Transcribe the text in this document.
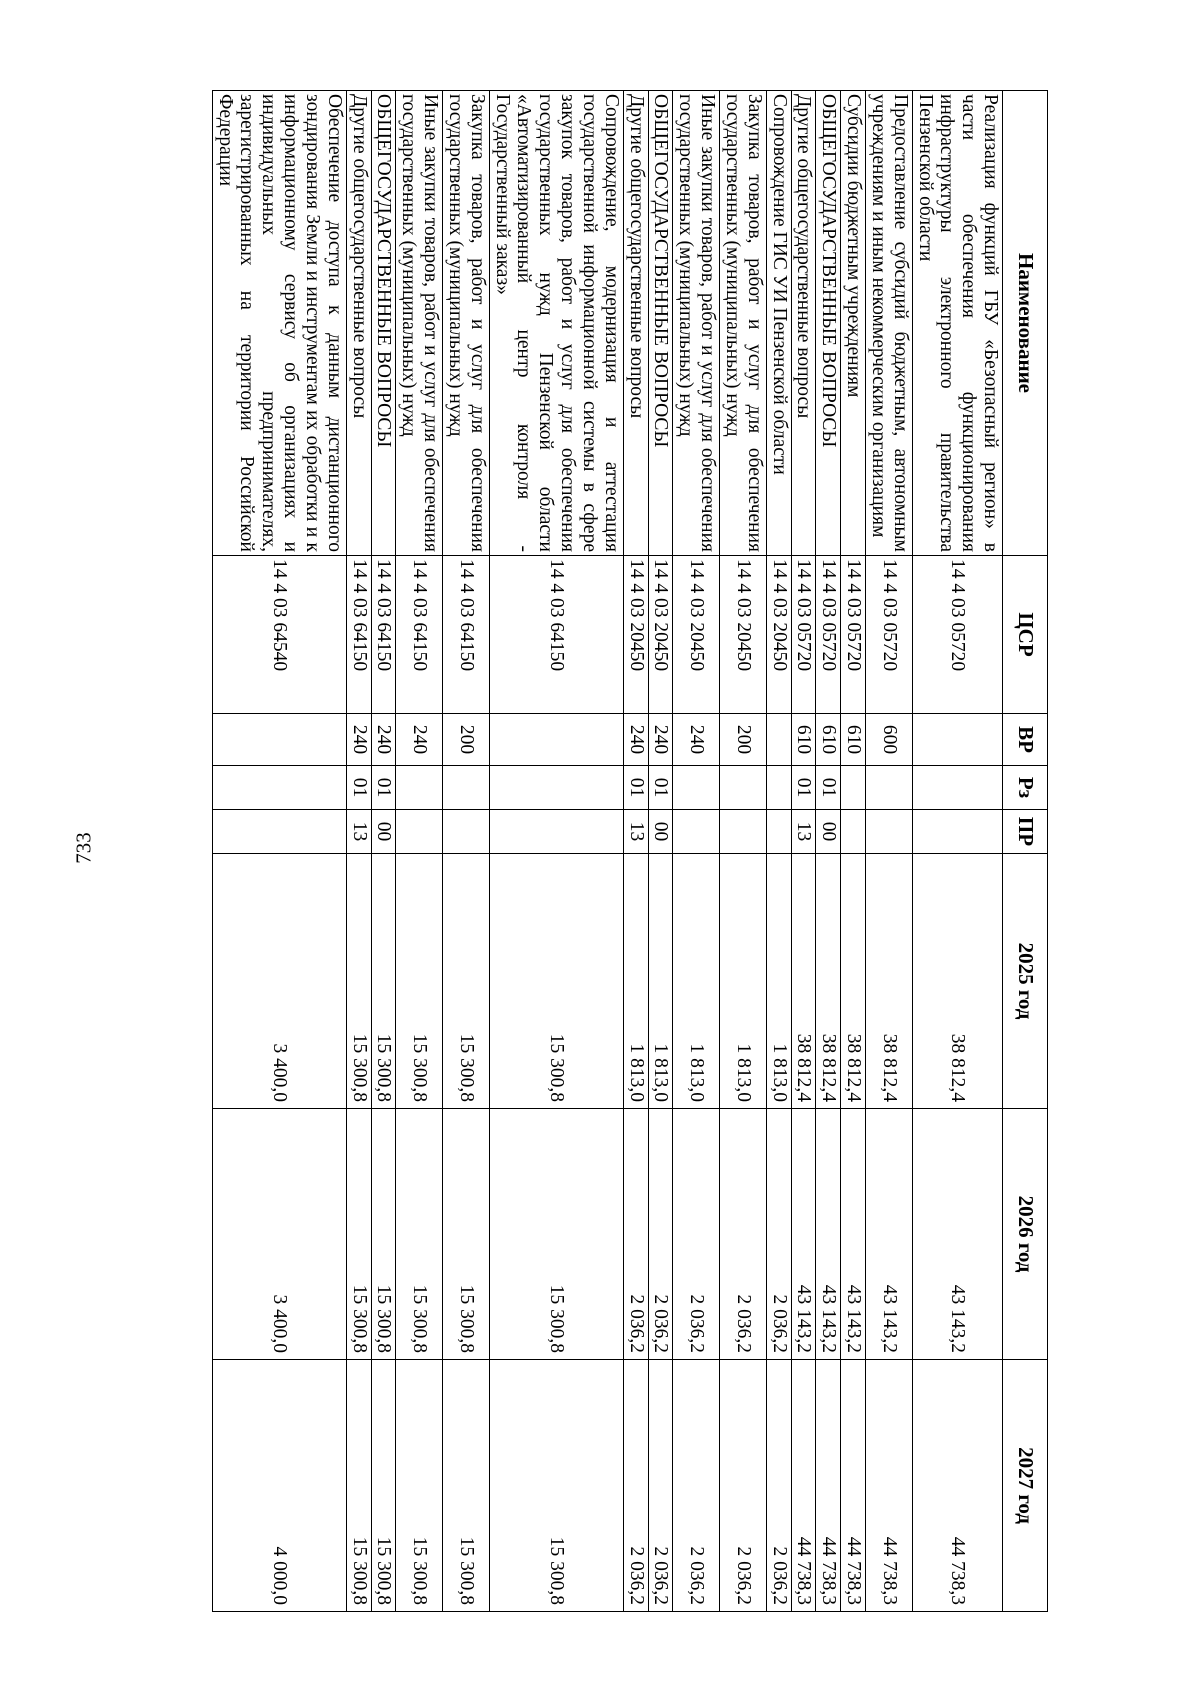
733
Наименование	ЦСР	ВР	Рз	ПР	2025 год	2026 год	2027 год
Реализация функций ГБУ «Безопасный регион» в части обеспечения функционирования инфраструктуры электронного правительства Пензенской области	14 4 03 05720				38 812,4	43 143,2	44 738,3
Предоставление субсидий бюджетным, автономным учреждениям и иным некоммерческим организациям	14 4 03 05720	600			38 812,4	43 143,2	44 738,3
Субсидии бюджетным учреждениям	14 4 03 05720	610			38 812,4	43 143,2	44 738,3
ОБЩЕГОСУДАРСТВЕННЫЕ ВОПРОСЫ	14 4 03 05720	610	01	00	38 812,4	43 143,2	44 738,3
Другие общегосударственные вопросы	14 4 03 05720	610	01	13	38 812,4	43 143,2	44 738,3
Сопровождение ГИС УИ Пензенской области	14 4 03 20450				1 813,0	2 036,2	2 036,2
Закупка товаров, работ и услуг для обеспечения государственных (муниципальных) нужд	14 4 03 20450	200			1 813,0	2 036,2	2 036,2
Иные закупки товаров, работ и услуг для обеспечения государственных (муниципальных) нужд	14 4 03 20450	240			1 813,0	2 036,2	2 036,2
ОБЩЕГОСУДАРСТВЕННЫЕ ВОПРОСЫ	14 4 03 20450	240	01	00	1 813,0	2 036,2	2 036,2
Другие общегосударственные вопросы	14 4 03 20450	240	01	13	1 813,0	2 036,2	2 036,2
Сопровождение, модернизация и аттестация государственной информационной системы в сфере закупок товаров, работ и услуг для обеспечения государственных нужд Пензенской области «Автоматизированный центр контроля - Государственный заказ»	14 4 03 64150				15 300,8	15 300,8	15 300,8
Закупка товаров, работ и услуг для обеспечения государственных (муниципальных) нужд	14 4 03 64150	200			15 300,8	15 300,8	15 300,8
Иные закупки товаров, работ и услуг для обеспечения государственных (муниципальных) нужд	14 4 03 64150	240			15 300,8	15 300,8	15 300,8
ОБЩЕГОСУДАРСТВЕННЫЕ ВОПРОСЫ	14 4 03 64150	240	01	00	15 300,8	15 300,8	15 300,8
Другие общегосударственные вопросы	14 4 03 64150	240	01	13	15 300,8	15 300,8	15 300,8
Обеспечение доступа к данным дистанционного зондирования Земли и инструментам их обработки и к информационному сервису об организациях и индивидуальных предпринимателях, зарегистрированных на территории Российской Федерации	14 4 03 64540				3 400,0	3 400,0	4 000,0
